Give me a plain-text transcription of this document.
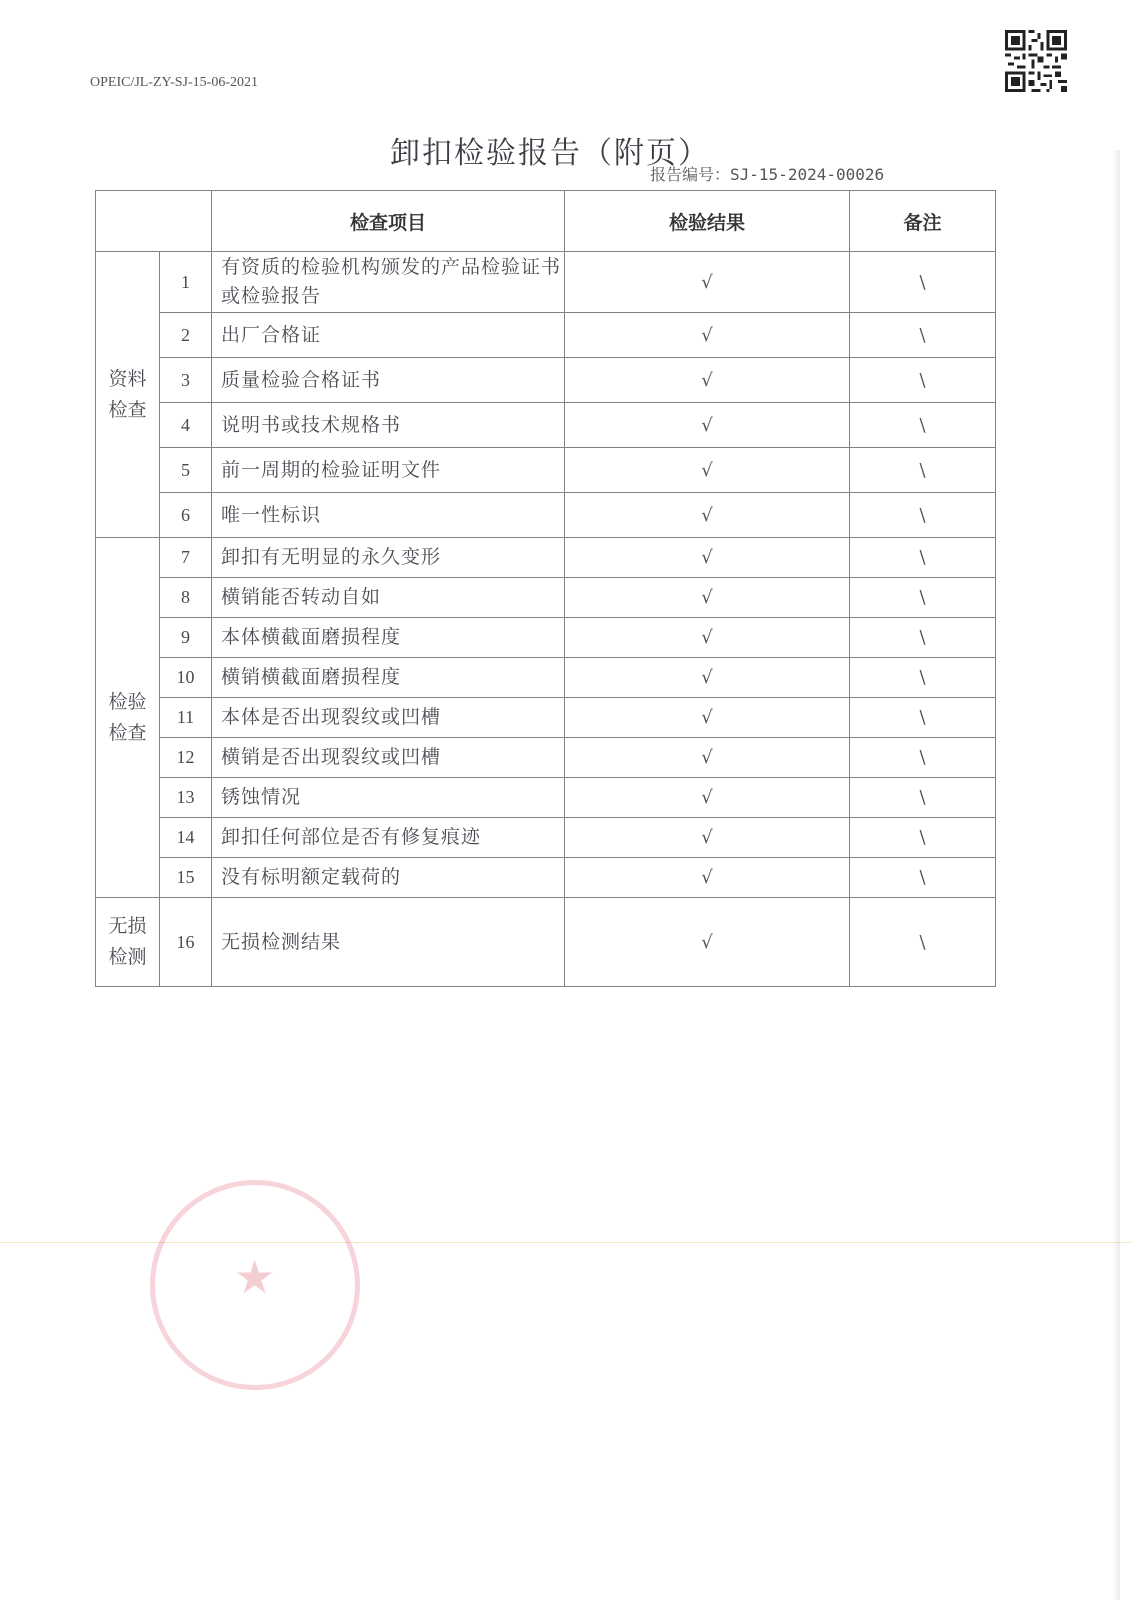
OPEIC/JL-ZY-SJ-15-06-2021
卸扣检验报告（附页）
报告编号：SJ-15-2024-00026
		检查项目	检验结果	备注
资料检查	1	有资质的检验机构颁发的产品检验证书或检验报告	√	\
	2	出厂合格证	√	\
	3	质量检验合格证书	√	\
	4	说明书或技术规格书	√	\
	5	前一周期的检验证明文件	√	\
	6	唯一性标识	√	\
检验检查	7	卸扣有无明显的永久变形	√	\
	8	横销能否转动自如	√	\
	9	本体横截面磨损程度	√	\
	10	横销横截面磨损程度	√	\
	11	本体是否出现裂纹或凹槽	√	\
	12	横销是否出现裂纹或凹槽	√	\
	13	锈蚀情况	√	\
	14	卸扣任何部位是否有修复痕迹	√	\
	15	没有标明额定载荷的	√	\
无损检测	16	无损检测结果	√	\
★
